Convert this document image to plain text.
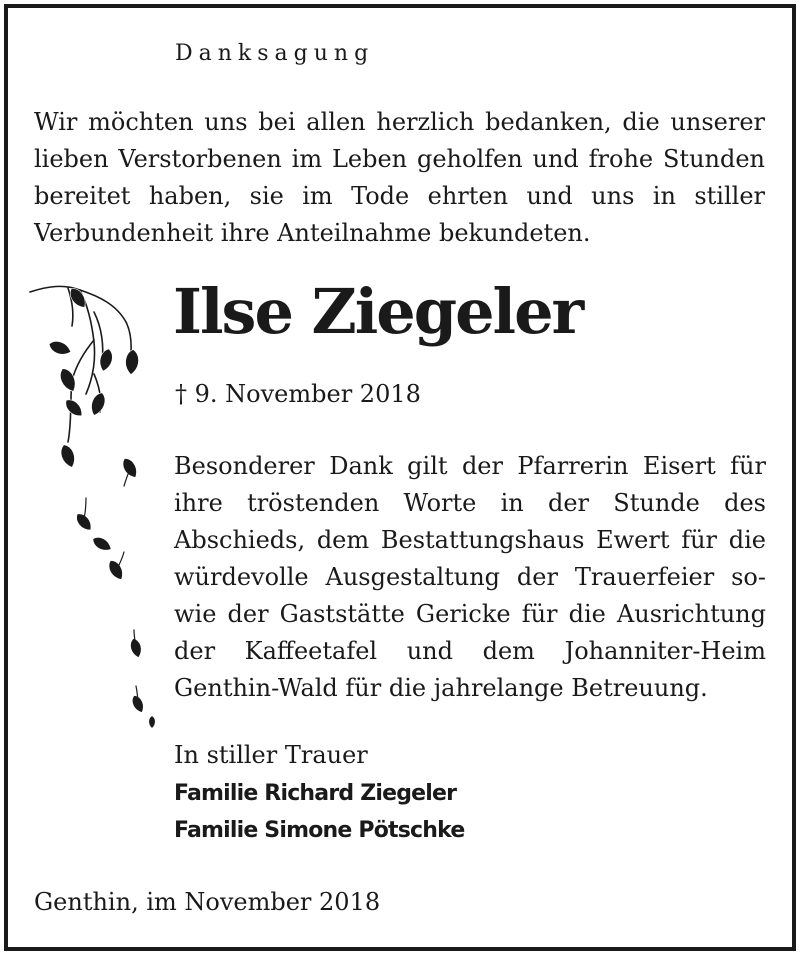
Danksagung
Wir möchten uns bei allen herzlich bedanken, die unserer lieben Verstorbenen im Leben geholfen und frohe Stunden bereitet haben, sie im Tode ehrten und uns in stiller Verbundenheit ihre Anteilnahme bekundeten.
Ilse Ziegeler
† 9. November 2018
Besonderer Dank gilt der Pfarrerin Eisert für ihre tröstenden Worte in der Stunde des Abschieds, dem Bestattungshaus Ewert für die würdevolle Ausgestaltung der Trauerfeier so-wie der Gaststätte Gericke für die Ausrichtung der Kaffeetafel und dem Johanniter-Heim Genthin-Wald für die jahrelange Betreuung.
In stiller Trauer
Familie Richard Ziegeler
Familie Simone Pötschke
Genthin, im November 2018
